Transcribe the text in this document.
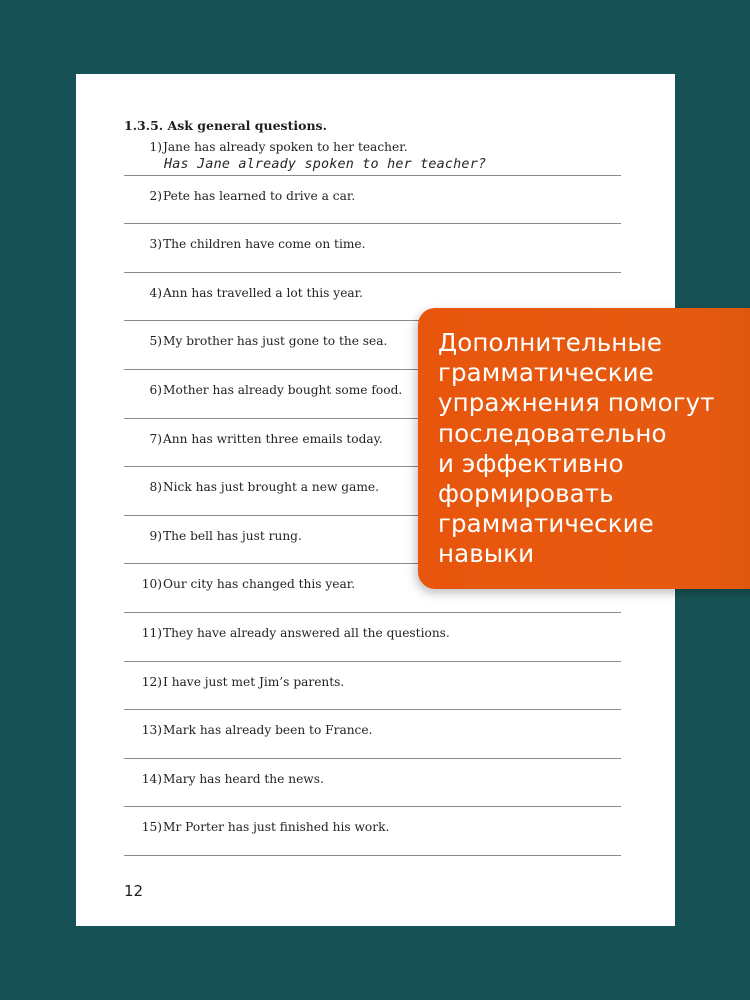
1.3.5. Ask general questions.
1) Jane has already spoken to her teacher.
Has Jane already spoken to her teacher?
2) Pete has learned to drive a car.
3) The children have come on time.
4) Ann has travelled a lot this year.
5) My brother has just gone to the sea.
6) Mother has already bought some food.
7) Ann has written three emails today.
8) Nick has just brought a new game.
9) The bell has just rung.
10) Our city has changed this year.
11) They have already answered all the questions.
12) I have just met Jim’s parents.
13) Mark has already been to France.
14) Mary has heard the news.
15) Mr Porter has just finished his work.
12
Дополнительные
грамматические
упражнения помогут
последовательно
и эффективно
формировать
грамматические
навыки
